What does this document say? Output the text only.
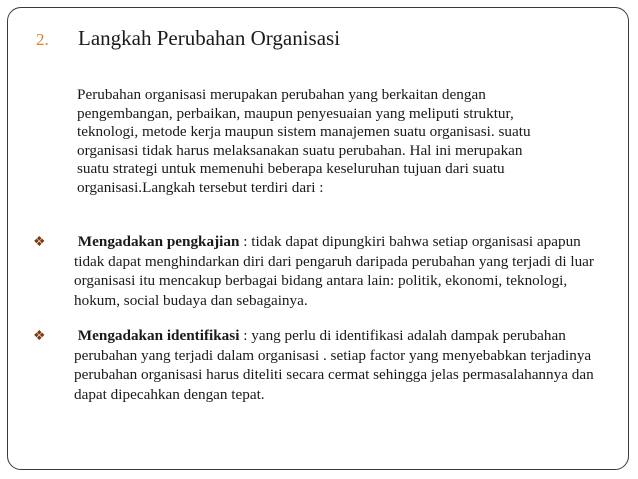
2. Langkah Perubahan Organisasi
Perubahan organisasi merupakan perubahan yang berkaitan dengan pengembangan, perbaikan, maupun penyesuaian yang meliputi struktur, teknologi, metode kerja maupun sistem manajemen suatu organisasi. suatu organisasi tidak harus melaksanakan suatu perubahan. Hal ini merupakan suatu strategi untuk memenuhi beberapa keseluruhan tujuan dari suatu organisasi.Langkah tersebut terdiri dari :
❖ Mengadakan pengkajian : tidak dapat dipungkiri bahwa setiap organisasi apapun tidak dapat menghindarkan diri dari pengaruh daripada perubahan yang terjadi di luar organisasi itu mencakup berbagai bidang antara lain: politik, ekonomi, teknologi, hokum, social budaya dan sebagainya.
❖ Mengadakan identifikasi : yang perlu di identifikasi adalah dampak perubahan perubahan yang terjadi dalam organisasi . setiap factor yang menyebabkan terjadinya perubahan organisasi harus diteliti secara cermat sehingga jelas permasalahannya dan dapat dipecahkan dengan tepat.
